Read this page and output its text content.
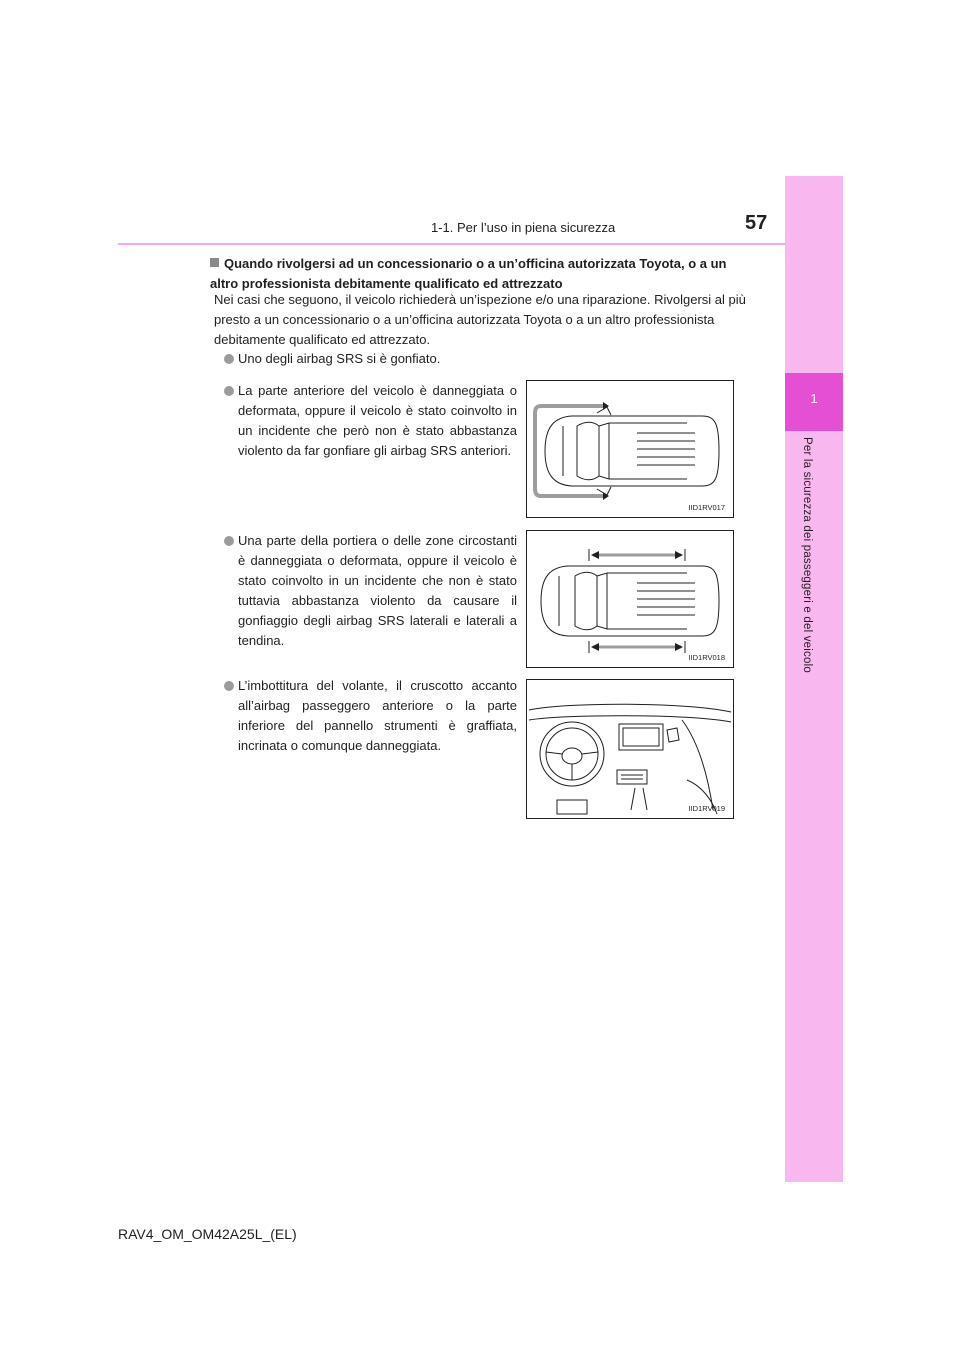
1
Per la sicurezza dei passeggeri e del veicolo
1-1. Per l’uso in piena sicurezza	57
Quando rivolgersi ad un concessionario o a un’officina autorizzata Toyota, o a un altro professionista debitamente qualificato ed attrezzato
Nei casi che seguono, il veicolo richiederà un’ispezione e/o una riparazione. Rivolgersi al più presto a un concessionario o a un’officina autorizzata Toyota o a un altro professionista debitamente qualificato ed attrezzato.
Uno degli airbag SRS si è gonfiato.
La parte anteriore del veicolo è danneggiata o deformata, oppure il veicolo è stato coinvolto in un incidente che però non è stato abbastanza violento da far gonfiare gli airbag SRS anteriori.
Una parte della portiera o delle zone circostanti è danneggiata o deformata, oppure il veicolo è stato coinvolto in un incidente che non è stato tuttavia abbastanza violento da causare il gonfiaggio degli airbag SRS laterali e laterali a tendina.
L’imbottitura del volante, il cruscotto accanto all’airbag passeggero anteriore o la parte inferiore del pannello strumenti è graffiata, incrinata o comunque danneggiata.
IID1RV017
IID1RV018
IID1RV019
RAV4_OM_OM42A25L_(EL)
